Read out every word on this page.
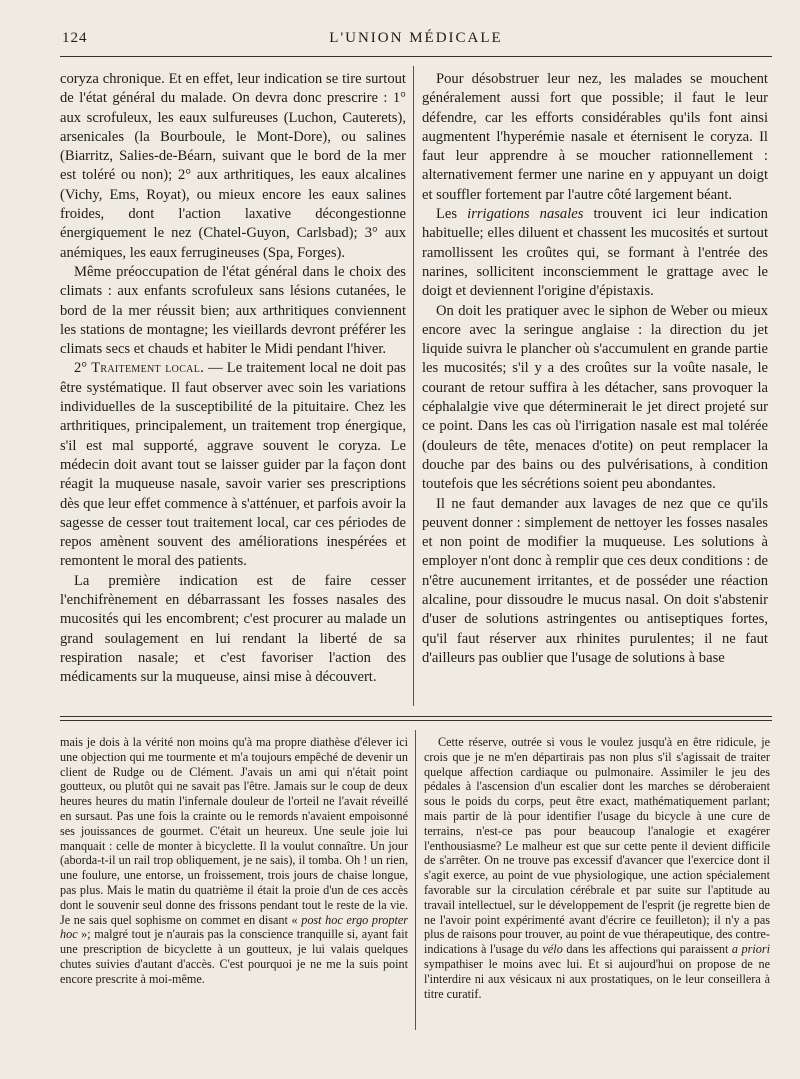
124	L'UNION MÉDICALE

coryza chronique. Et en effet, leur indication se tire surtout de l'état général du malade. On devra donc prescrire : 1° aux scrofuleux, les eaux sulfureuses (Luchon, Cauterets), arsenicales (la Bourboule, le Mont-Dore), ou salines (Biarritz, Salies-de-Béarn, suivant que le bord de la mer est toléré ou non); 2° aux arthritiques, les eaux alcalines (Vichy, Ems, Royat), ou mieux encore les eaux salines froides, dont l'action laxative décongestionne énergiquement le nez (Chatel-Guyon, Carlsbad); 3° aux anémiques, les eaux ferrugineuses (Spa, Forges).

Même préoccupation de l'état général dans le choix des climats : aux enfants scrofuleux sans lésions cutanées, le bord de la mer réussit bien; aux arthritiques conviennent les stations de montagne; les vieillards devront préférer les climats secs et chauds et habiter le Midi pendant l'hiver.

2° Traitement local. — Le traitement local ne doit pas être systématique. Il faut observer avec soin les variations individuelles de la susceptibilité de la pituitaire. Chez les arthritiques, principalement, un traitement trop énergique, s'il est mal supporté, aggrave souvent le coryza. Le médecin doit avant tout se laisser guider par la façon dont réagit la muqueuse nasale, savoir varier ses prescriptions dès que leur effet commence à s'atténuer, et parfois avoir la sagesse de cesser tout traitement local, car ces périodes de repos amènent souvent des améliorations inespérées et remontent le moral des patients.

La première indication est de faire cesser l'enchifrènement en débarrassant les fosses nasales des mucosités qui les encombrent; c'est procurer au malade un grand soulagement en lui rendant la liberté de sa respiration nasale; et c'est favoriser l'action des médicaments sur la muqueuse, ainsi mise à découvert.

Pour désobstruer leur nez, les malades se mouchent généralement aussi fort que possible; il faut le leur défendre, car les efforts considérables qu'ils font ainsi augmentent l'hyperémie nasale et éternisent le coryza. Il faut leur apprendre à se moucher rationnellement : alternativement fermer une narine en y appuyant un doigt et souffler fortement par l'autre côté largement béant.

Les irrigations nasales trouvent ici leur indication habituelle; elles diluent et chassent les mucosités et surtout ramollissent les croûtes qui, se formant à l'entrée des narines, sollicitent inconsciemment le grattage avec le doigt et deviennent l'origine d'épistaxis.

On doit les pratiquer avec le siphon de Weber ou mieux encore avec la seringue anglaise : la direction du jet liquide suivra le plancher où s'accumulent en grande partie les mucosités; s'il y a des croûtes sur la voûte nasale, le courant de retour suffira à les détacher, sans provoquer la céphalalgie vive que déterminerait le jet direct projeté sur ce point. Dans les cas où l'irrigation nasale est mal tolérée (douleurs de tête, menaces d'otite) on peut remplacer la douche par des bains ou des pulvérisations, à condition toutefois que les sécrétions soient peu abondantes.

Il ne faut demander aux lavages de nez que ce qu'ils peuvent donner : simplement de nettoyer les fosses nasales et non point de modifier la muqueuse. Les solutions à employer n'ont donc à remplir que ces deux conditions : de n'être aucunement irritantes, et de posséder une réaction alcaline, pour dissoudre le mucus nasal. On doit s'abstenir d'user de solutions astringentes ou antiseptiques fortes, qu'il faut réserver aux rhinites purulentes; il ne faut d'ailleurs pas oublier que l'usage de solutions à base

mais je dois à la vérité non moins qu'à ma propre diathèse d'élever ici une objection qui me tourmente et m'a toujours empêché de devenir un client de Rudge ou de Clément. J'avais un ami qui n'était point goutteux, ou plutôt qui ne savait pas l'être. Jamais sur le coup de deux heures heures du matin l'infernale douleur de l'orteil ne l'avait réveillé en sursaut. Pas une fois la crainte ou le remords n'avaient empoisonné ses jouissances de gourmet. C'était un heureux. Une seule joie lui manquait : celle de monter à bicyclette. Il la voulut connaître. Un jour (aborda-t-il un rail trop obliquement, je ne sais), il tomba. Oh ! un rien, une foulure, une entorse, un froissement, trois jours de chaise longue, pas plus. Mais le matin du quatrième il était la proie d'un de ces accès dont le souvenir seul donne des frissons pendant tout le reste de la vie. Je ne sais quel sophisme on commet en disant « post hoc ergo propter hoc »; malgré tout je n'aurais pas la conscience tranquille si, ayant fait une prescription de bicyclette à un goutteux, je lui valais quelques chutes suivies d'autant d'accès. C'est pourquoi je ne me la suis point encore prescrite à moi-même.

Cette réserve, outrée si vous le voulez jusqu'à en être ridicule, je crois que je ne m'en départirais pas non plus s'il s'agissait de traiter quelque affection cardiaque ou pulmonaire. Assimiler le jeu des pédales à l'ascension d'un escalier dont les marches se déroberaient sous le poids du corps, peut être exact, mathématiquement parlant; mais partir de là pour identifier l'usage du bicycle à une cure de terrains, n'est-ce pas pour beaucoup l'analogie et exagérer l'enthousiasme? Le malheur est que sur cette pente il devient difficile de s'arrêter. On ne trouve pas excessif d'avancer que l'exercice dont il s'agit exerce, au point de vue physiologique, une action spécialement favorable sur la circulation cérébrale et par suite sur l'aptitude au travail intellectuel, sur le développement de l'esprit (je regrette bien de ne l'avoir point expérimenté avant d'écrire ce feuilleton); il n'y a pas plus de raisons pour trouver, au point de vue thérapeutique, des contre-indications à l'usage du vélo dans les affections qui paraissent a priori sympathiser le moins avec lui. Et si aujourd'hui on propose de ne l'interdire ni aux vésicaux ni aux prostatiques, on le leur conseillera à titre curatif.
